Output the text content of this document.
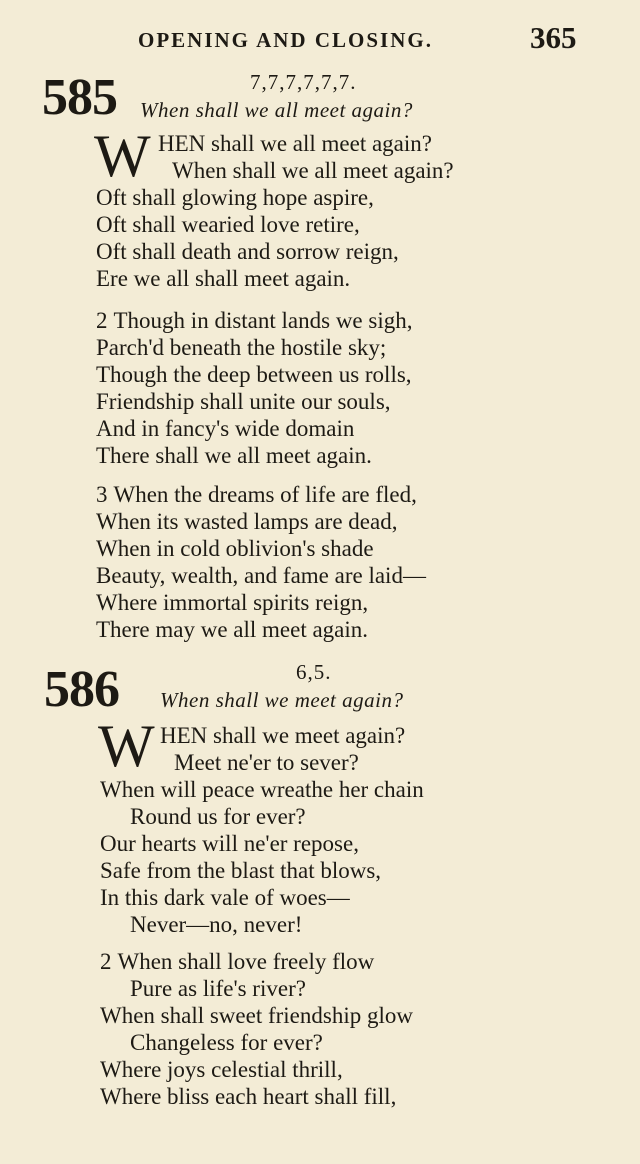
OPENING AND CLOSING.	365
585	7,7,7,7,7,7.
When shall we all meet again?
W HEN shall we all meet again?
When shall we all meet again?
Oft shall glowing hope aspire,
Oft shall wearied love retire,
Oft shall death and sorrow reign,
Ere we all shall meet again.
2 Though in distant lands we sigh,
Parch'd beneath the hostile sky;
Though the deep between us rolls,
Friendship shall unite our souls,
And in fancy's wide domain
There shall we all meet again.
3 When the dreams of life are fled,
When its wasted lamps are dead,
When in cold oblivion's shade
Beauty, wealth, and fame are laid—
Where immortal spirits reign,
There may we all meet again.
586	6,5.
When shall we meet again?
W HEN shall we meet again?
Meet ne'er to sever?
When will peace wreathe her chain
Round us for ever?
Our hearts will ne'er repose,
Safe from the blast that blows,
In this dark vale of woes—
Never—no, never!
2 When shall love freely flow
Pure as life's river?
When shall sweet friendship glow
Changeless for ever?
Where joys celestial thrill,
Where bliss each heart shall fill,
